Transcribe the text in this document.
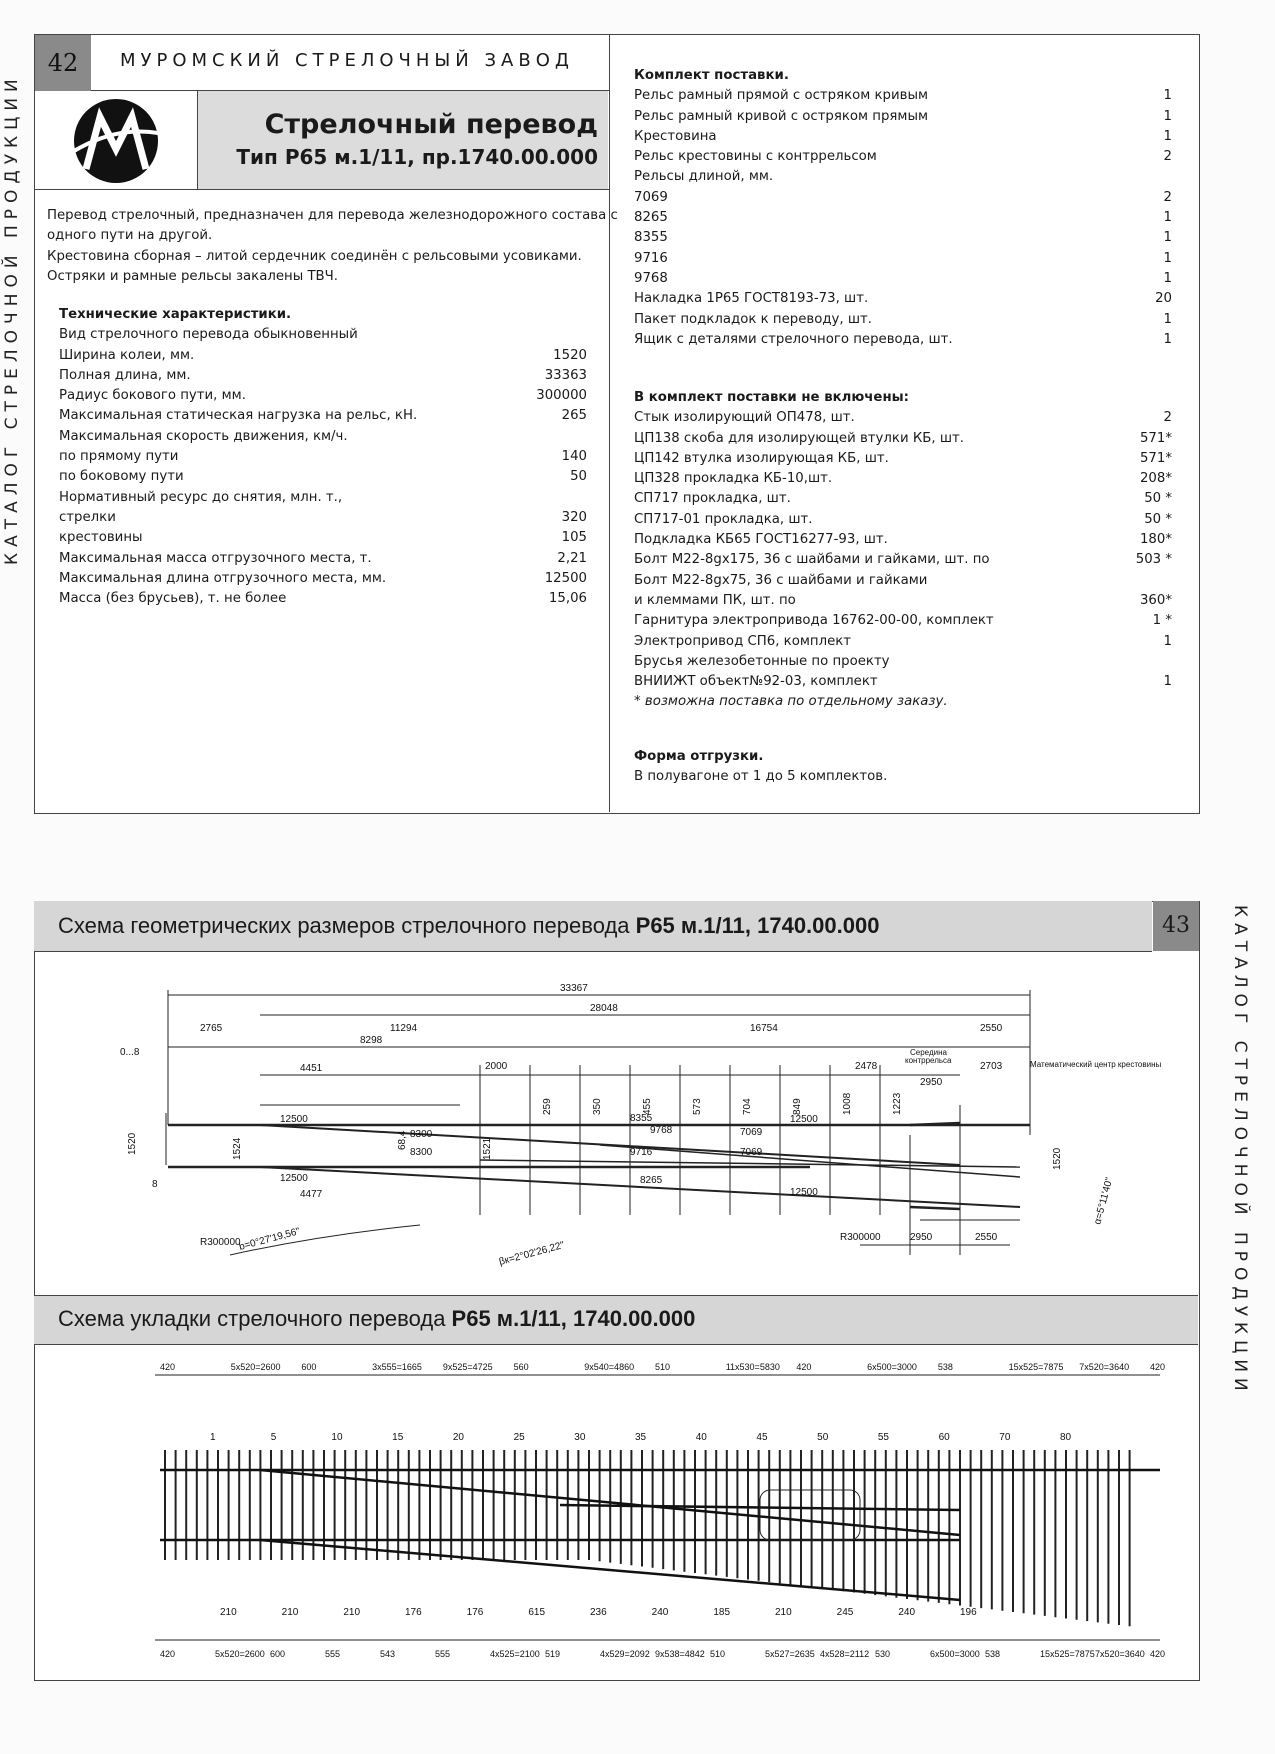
КАТАЛОГ СТРЕЛОЧНОЙ ПРОДУКЦИИ
42	МУРОМСКИЙ СТРЕЛОЧНЫЙ ЗАВОД
Стрелочный перевод
Тип Р65 м.1/11, пр.1740.00.000
Перевод стрелочный, предназначен для перевода железнодорожного состава с
одного пути на другой.
Крестовина сборная – литой сердечник соединён с рельсовыми усовиками.
Остряки и рамные рельсы закалены ТВЧ.
Технические характеристики.
Вид стрелочного перевода обыкновенный
Ширина колеи, мм.	1520
Полная длина, мм.	33363
Радиус бокового пути, мм.	300000
Максимальная статическая нагрузка на рельс, кН.	265
Максимальная скорость движения, км/ч.
по прямому пути	140
по боковому пути	50
Нормативный ресурс до снятия, млн. т.,
стрелки	320
крестовины	105
Максимальная масса отгрузочного места, т.	2,21
Максимальная длина отгрузочного места, мм.	12500
Масса (без брусьев), т. не более	15,06
Комплект поставки.
Рельс рамный прямой с остряком кривым	1
Рельс рамный кривой с остряком прямым	1
Крестовина	1
Рельс крестовины с контррельсом	2
Рельсы длиной, мм.
7069	2
8265	1
8355	1
9716	1
9768	1
Накладка 1Р65 ГОСТ8193-73, шт.	20
Пакет подкладок к переводу, шт.	1
Ящик с деталями стрелочного перевода, шт.	1
В комплект поставки не включены:
Стык изолирующий ОП478, шт.	2
ЦП138 скоба для изолирующей втулки КБ, шт.	571*
ЦП142 втулка изолирующая КБ, шт.	571*
ЦП328 прокладка КБ-10,шт.	208*
СП717 прокладка, шт.	50 *
СП717-01 прокладка, шт.	50 *
Подкладка КБ65 ГОСТ16277-93, шт.	180*
Болт М22-8gх175, 36 с шайбами и гайками, шт. по	503 *
Болт М22-8gх75, 36 с шайбами и гайками
и клеммами ПК, шт. по	360*
Гарнитура электропривода 16762-00-00, комплект	1 *
Электропривод СП6, комплект	1
Брусья железобетонные по проекту
ВНИИЖТ объект№92-03, комплект	1
* возможна поставка по отдельному заказу.
Форма отгрузки.
В полувагоне от 1 до 5 комплектов.
Схема геометрических размеров стрелочного перевода Р65 м.1/11, 1740.00.000	43	КАТАЛОГ СТРЕЛОЧНОЙ ПРОДУКЦИИ
33367
28048
2765	11294	16754	2550
8298
4451
12500
12500
12500
12500
4477
8300
8300
8355
9768
9716
8265
7069
7069
2000	2478	2703
2950
2950	2550
0...8
8
Середина
контррельса	Математический центр крестовины
R300000	R300000
b=0°27'19,56"
βк=2°02'26,22"
α=5°11'40"
1520	1524	1521	1520
259	350	455	573	704	849	1008	1223
68,4
Схема укладки стрелочного перевода Р65 м.1/11, 1740.00.000
420	5x520=2600 600	3x555=1665 9x525=4725 560	9x540=4860 510	11x530=5830 420	6x500=3000 538	15x525=7875 7x520=3640 420
420	5x520=2600 600	555	543	555	4x525=2100 519	4x529=2092 9x538=4842 510	5x527=2635 4x528=2112 530	6x500=3000 538	15x525=7875 7x520=3640 420
1	5	10	15	20	25	30	35	40	45	50	55	60	70	80
210	210	210	176	176	615	236	240	185	210	245	240	196
